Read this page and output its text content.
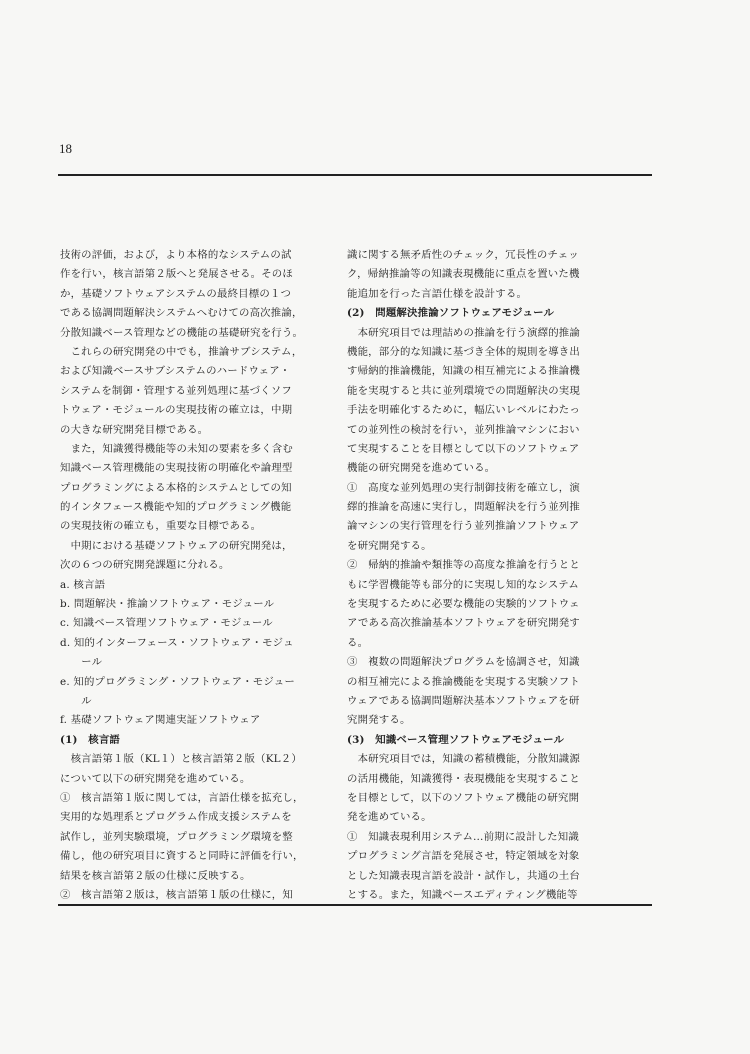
18
技術の評価，および，より本格的なシステムの試
作を行い，核言語第２版へと発展させる。そのほ
か，基礎ソフトウェアシステムの最終目標の１つ
である協調問題解決システムへむけての高次推論，
分散知識ベース管理などの機能の基礎研究を行う。
　これらの研究開発の中でも，推論サブシステム，
および知識ベースサブシステムのハードウェア・
システムを制御・管理する並列処理に基づくソフ
トウェア・モジュールの実現技術の確立は，中期
の大きな研究開発目標である。
　また，知識獲得機能等の未知の要素を多く含む
知識ベース管理機能の実現技術の明確化や論理型
プログラミングによる本格的システムとしての知
的インタフェース機能や知的プログラミング機能
の実現技術の確立も，重要な目標である。
　中期における基礎ソフトウェアの研究開発は，
次の６つの研究開発課題に分れる。
a. 核言語
b. 問題解決・推論ソフトウェア・モジュール
c. 知識ベース管理ソフトウェア・モジュール
d. 知的インターフェース・ソフトウェア・モジュ
　　ール
e. 知的プログラミング・ソフトウェア・モジュー
　　ル
f. 基礎ソフトウェア関連実証ソフトウェア
(1)　核言語
　核言語第１版（KL１）と核言語第２版（KL２）
について以下の研究開発を進めている。
①　核言語第１版に関しては，言語仕様を拡充し，
実用的な処理系とプログラム作成支援システムを
試作し，並列実験環境，プログラミング環境を整
備し，他の研究項目に資すると同時に評価を行い，
結果を核言語第２版の仕様に反映する。
②　核言語第２版は，核言語第１版の仕様に，知
識に関する無矛盾性のチェック，冗長性のチェッ
ク，帰納推論等の知識表現機能に重点を置いた機
能追加を行った言語仕様を設計する。
(2)　問題解決推論ソフトウェアモジュール
　本研究項目では理詰めの推論を行う演繹的推論
機能，部分的な知識に基づき全体的規則を導き出
す帰納的推論機能，知識の相互補完による推論機
能を実現すると共に並列環境での問題解決の実現
手法を明確化するために，幅広いレベルにわたっ
ての並列性の検討を行い，並列推論マシンにおい
て実現することを目標として以下のソフトウェア
機能の研究開発を進めている。
①　高度な並列処理の実行制御技術を確立し，演
繹的推論を高速に実行し，問題解決を行う並列推
論マシンの実行管理を行う並列推論ソフトウェア
を研究開発する。
②　帰納的推論や類推等の高度な推論を行うとと
もに学習機能等も部分的に実現し知的なシステム
を実現するために必要な機能の実験的ソフトウェ
アである高次推論基本ソフトウェアを研究開発す
る。
③　複数の問題解決プログラムを協調させ，知識
の相互補完による推論機能を実現する実験ソフト
ウェアである協調問題解決基本ソフトウェアを研
究開発する。
(3)　知識ベース管理ソフトウェアモジュール
　本研究項目では，知識の蓄積機能，分散知識源
の活用機能，知識獲得・表現機能を実現すること
を目標として，以下のソフトウェア機能の研究開
発を進めている。
①　知識表現利用システム…前期に設計した知識
プログラミング言語を発展させ，特定領域を対象
とした知識表現言語を設計・試作し，共通の土台
とする。また，知識ベースエディティング機能等
